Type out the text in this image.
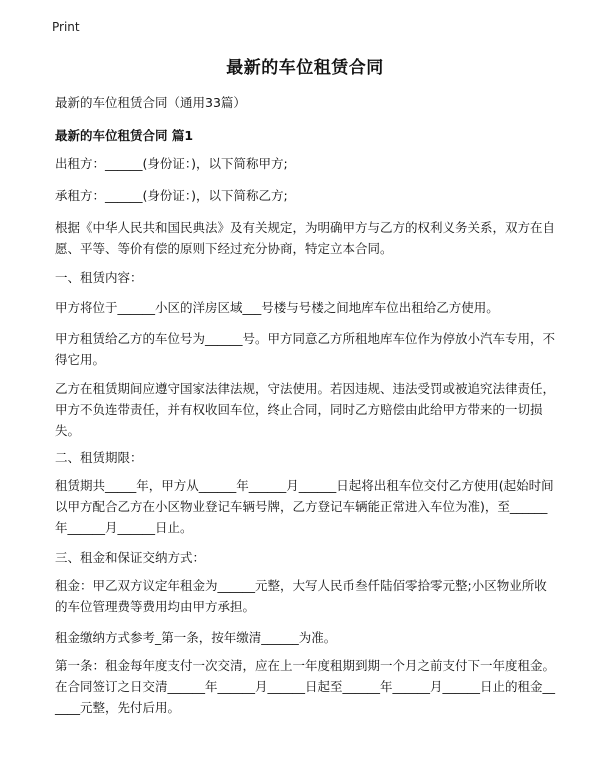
Print
最新的车位租赁合同

最新的车位租赁合同（通用33篇）

最新的车位租赁合同 篇1

出租方：______(身份证：)，以下简称甲方;

承租方：______(身份证：)，以下简称乙方;

根据《中华人民共和国民典法》及有关规定，为明确甲方与乙方的权利义务关系，双方在自愿、平等、等价有偿的原则下经过充分协商，特定立本合同。

一、租赁内容：

甲方将位于______小区的洋房区域___号楼与号楼之间地库车位出租给乙方使用。

甲方租赁给乙方的车位号为______号。甲方同意乙方所租地库车位作为停放小汽车专用，不得它用。

乙方在租赁期间应遵守国家法律法规，守法使用。若因违规、违法受罚或被追究法律责任，甲方不负连带责任，并有权收回车位，终止合同，同时乙方赔偿由此给甲方带来的一切损失。

二、租赁期限：

租赁期共_____年，甲方从______年______月______日起将出租车位交付乙方使用(起始时间以甲方配合乙方在小区物业登记车辆号牌，乙方登记车辆能正常进入车位为准)，至______年______月______日止。

三、租金和保证交纳方式：

租金：甲乙双方议定年租金为______元整，大写人民币叁仟陆佰零拾零元整;小区物业所收的车位管理费等费用均由甲方承担。

租金缴纳方式参考_第一条，按年缴清______为准。

第一条：租金每年度支付一次交清，应在上一年度租期到期一个月之前支付下一年度租金。在合同签订之日交清______年______月______日起至______年______月______日止的租金______元整，先付后用。
